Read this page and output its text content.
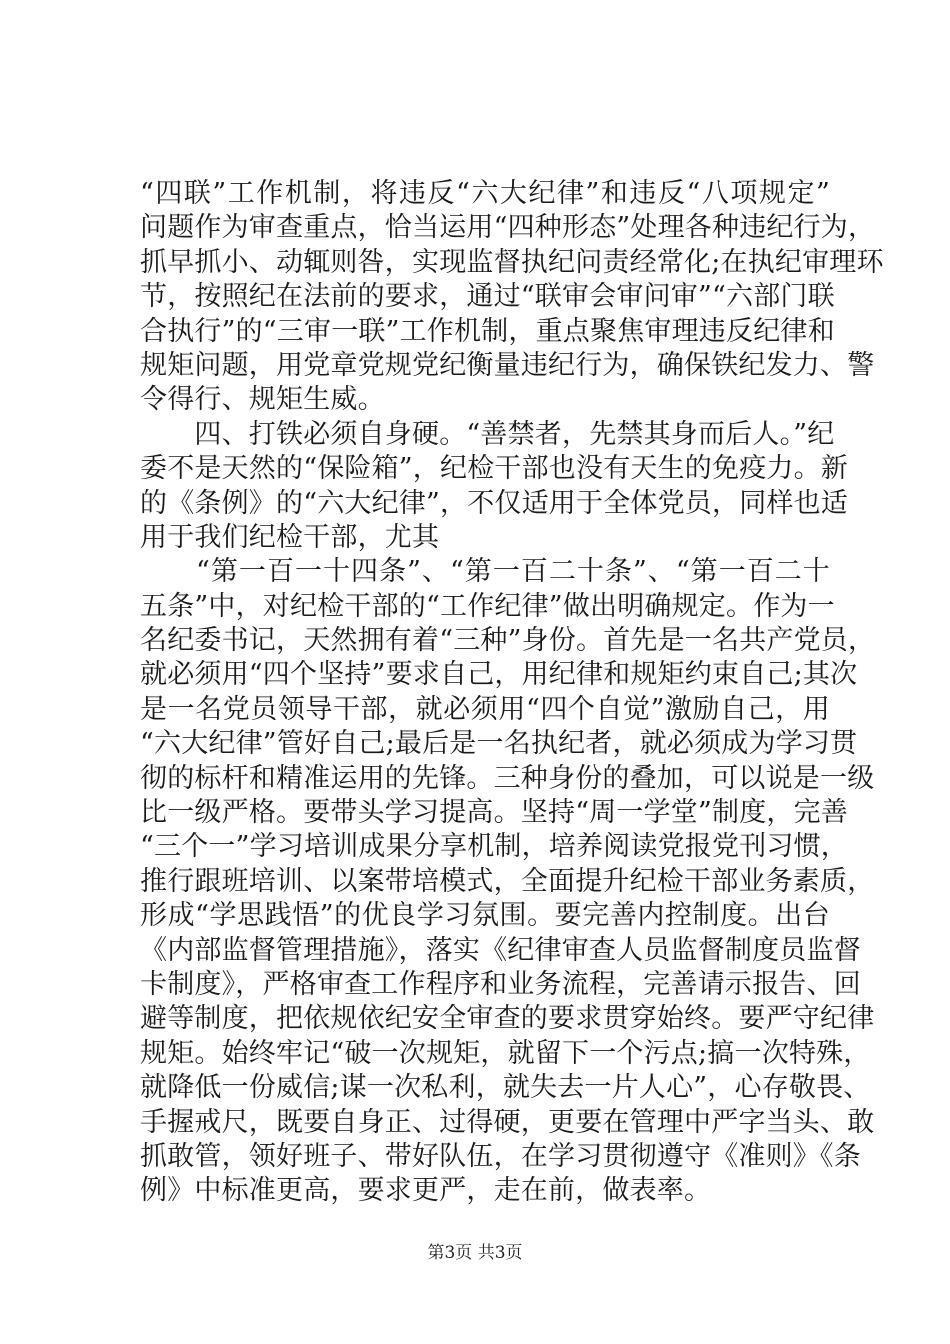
“四联”工作机制，将违反“六大纪律”和违反“八项规定”
问题作为审查重点，恰当运用“四种形态”处理各种违纪行为，
抓早抓小、动辄则咎，实现监督执纪问责经常化;在执纪审理环
节，按照纪在法前的要求，通过“联审会审问审”“六部门联
合执行”的“三审一联”工作机制，重点聚焦审理违反纪律和
规矩问题，用党章党规党纪衡量违纪行为，确保铁纪发力、警
令得行、规矩生威。
　　四、打铁必须自身硬。“善禁者，先禁其身而后人。”纪
委不是天然的“保险箱”，纪检干部也没有天生的免疫力。新
的《条例》的“六大纪律”，不仅适用于全体党员，同样也适
用于我们纪检干部，尤其
　　“第一百一十四条”、“第一百二十条”、“第一百二十
五条”中，对纪检干部的“工作纪律”做出明确规定。作为一
名纪委书记，天然拥有着“三种”身份。首先是一名共产党员，
就必须用“四个坚持”要求自己，用纪律和规矩约束自己;其次
是一名党员领导干部，就必须用“四个自觉”激励自己，用
“六大纪律”管好自己;最后是一名执纪者，就必须成为学习贯
彻的标杆和精准运用的先锋。三种身份的叠加，可以说是一级
比一级严格。要带头学习提高。坚持“周一学堂”制度，完善
“三个一”学习培训成果分享机制，培养阅读党报党刊习惯，
推行跟班培训、以案带培模式，全面提升纪检干部业务素质，
形成“学思践悟”的优良学习氛围。要完善内控制度。出台
《内部监督管理措施》，落实《纪律审查人员监督制度员监督
卡制度》，严格审查工作程序和业务流程，完善请示报告、回
避等制度，把依规依纪安全审查的要求贯穿始终。要严守纪律
规矩。始终牢记“破一次规矩，就留下一个污点;搞一次特殊，
就降低一份威信;谋一次私利，就失去一片人心”，心存敬畏、
手握戒尺，既要自身正、过得硬，更要在管理中严字当头、敢
抓敢管，领好班子、带好队伍，在学习贯彻遵守《准则》《条
例》中标准更高，要求更严，走在前，做表率。
第3页 共3页
